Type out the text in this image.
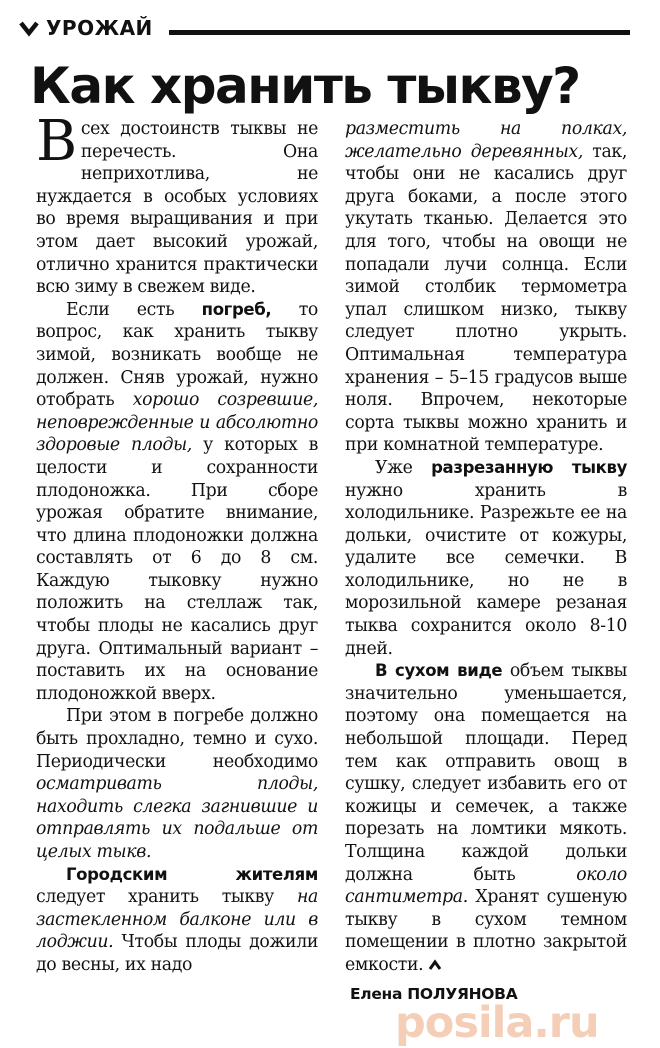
УРОЖАЙ
Как хранить тыкву?

Всех достоинств тыквы не перечесть. Она неприхотлива, не нуждается в особых условиях во время выращивания и при этом дает высокий урожай, отлично хранится практически всю зиму в свежем виде.

Если есть погреб, то вопрос, как хранить тыкву зимой, возникать вообще не должен. Сняв урожай, нужно отобрать хорошо созревшие, неповрежденные и абсолютно здоровые плоды, у которых в целости и сохранности плодоножка. При сборе урожая обратите внимание, что длина плодоножки должна составлять от 6 до 8 см. Каждую тыковку нужно положить на стеллаж так, чтобы плоды не касались друг друга. Оптимальный вариант – поставить их на основание плодоножкой вверх.

При этом в погребе должно быть прохладно, темно и сухо. Периодически необходимо осматривать плоды, находить слегка загнившие и отправлять их подальше от целых тыкв.

Городским жителям следует хранить тыкву на застекленном балконе или в лоджии. Чтобы плоды дожили до весны, их надо

разместить на полках, желательно деревянных, так, чтобы они не касались друг друга боками, а после этого укутать тканью. Делается это для того, чтобы на овощи не попадали лучи солнца. Если зимой столбик термометра упал слишком низко, тыкву следует плотно укрыть. Оптимальная температура хранения – 5–15 градусов выше ноля. Впрочем, некоторые сорта тыквы можно хранить и при комнатной температуре.

Уже разрезанную тыкву нужно хранить в холодильнике. Разрежьте ее на дольки, очистите от кожуры, удалите все семечки. В холодильнике, но не в морозильной камере резаная тыква сохранится около 8-10 дней.

В сухом виде объем тыквы значительно уменьшается, поэтому она помещается на небольшой площади. Перед тем как отправить овощ в сушку, следует избавить его от кожицы и семечек, а также порезать на ломтики мякоть. Толщина каждой дольки должна быть около сантиметра. Хранят сушеную тыкву в сухом темном помещении в плотно закрытой емкости.

Елена ПОЛУЯНОВА
posila.ru
